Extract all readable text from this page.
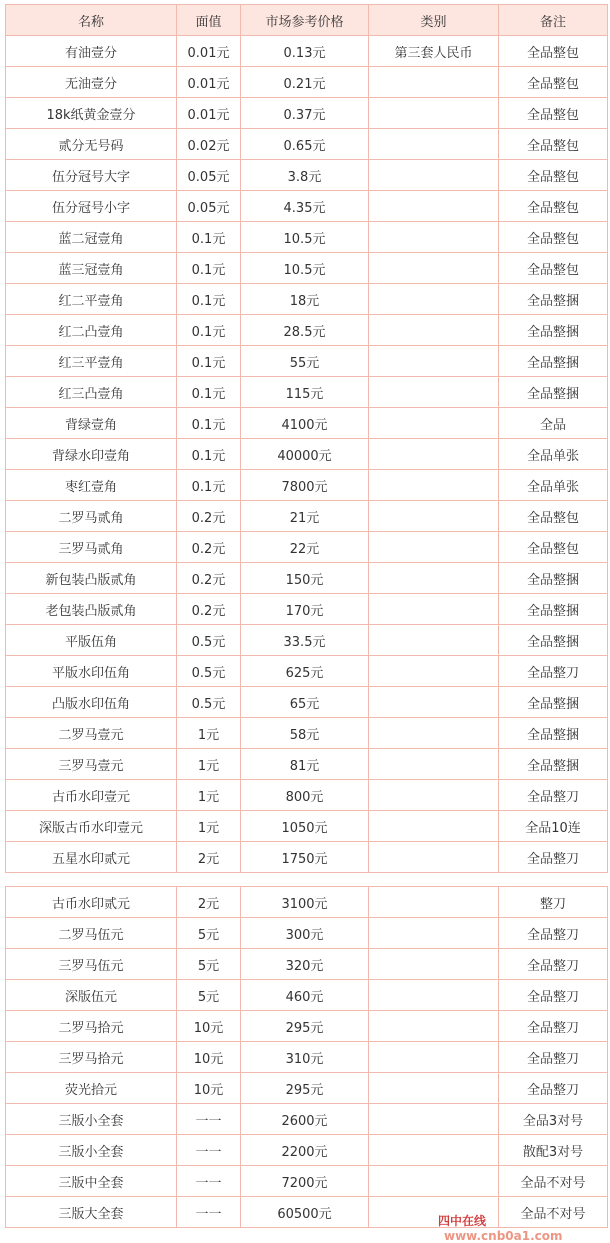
名称	面值	市场参考价格	类别	备注
有油壹分	0.01元	0.13元	第三套人民币	全品整包
无油壹分	0.01元	0.21元		全品整包
18k纸黄金壹分	0.01元	0.37元		全品整包
贰分无号码	0.02元	0.65元		全品整包
伍分冠号大字	0.05元	3.8元		全品整包
伍分冠号小字	0.05元	4.35元		全品整包
蓝二冠壹角	0.1元	10.5元		全品整包
蓝三冠壹角	0.1元	10.5元		全品整包
红二平壹角	0.1元	18元		全品整捆
红二凸壹角	0.1元	28.5元		全品整捆
红三平壹角	0.1元	55元		全品整捆
红三凸壹角	0.1元	115元		全品整捆
背绿壹角	0.1元	4100元		全品
背绿水印壹角	0.1元	40000元		全品单张
枣红壹角	0.1元	7800元		全品单张
二罗马贰角	0.2元	21元		全品整包
三罗马贰角	0.2元	22元		全品整包
新包装凸版贰角	0.2元	150元		全品整捆
老包装凸版贰角	0.2元	170元		全品整捆
平版伍角	0.5元	33.5元		全品整捆
平版水印伍角	0.5元	625元		全品整刀
凸版水印伍角	0.5元	65元		全品整捆
二罗马壹元	1元	58元		全品整捆
三罗马壹元	1元	81元		全品整捆
古币水印壹元	1元	800元		全品整刀
深版古币水印壹元	1元	1050元		全品10连
五星水印贰元	2元	1750元		全品整刀
古币水印贰元	2元	3100元		整刀
二罗马伍元	5元	300元		全品整刀
三罗马伍元	5元	320元		全品整刀
深版伍元	5元	460元		全品整刀
二罗马拾元	10元	295元		全品整刀
三罗马拾元	10元	310元		全品整刀
荧光拾元	10元	295元		全品整刀
三版小全套	一一	2600元		全品3对号
三版小全套	一一	2200元		散配3对号
三版中全套	一一	7200元		全品不对号
三版大全套	一一	60500元		全品不对号
四中在线www.cnb0a1.com
